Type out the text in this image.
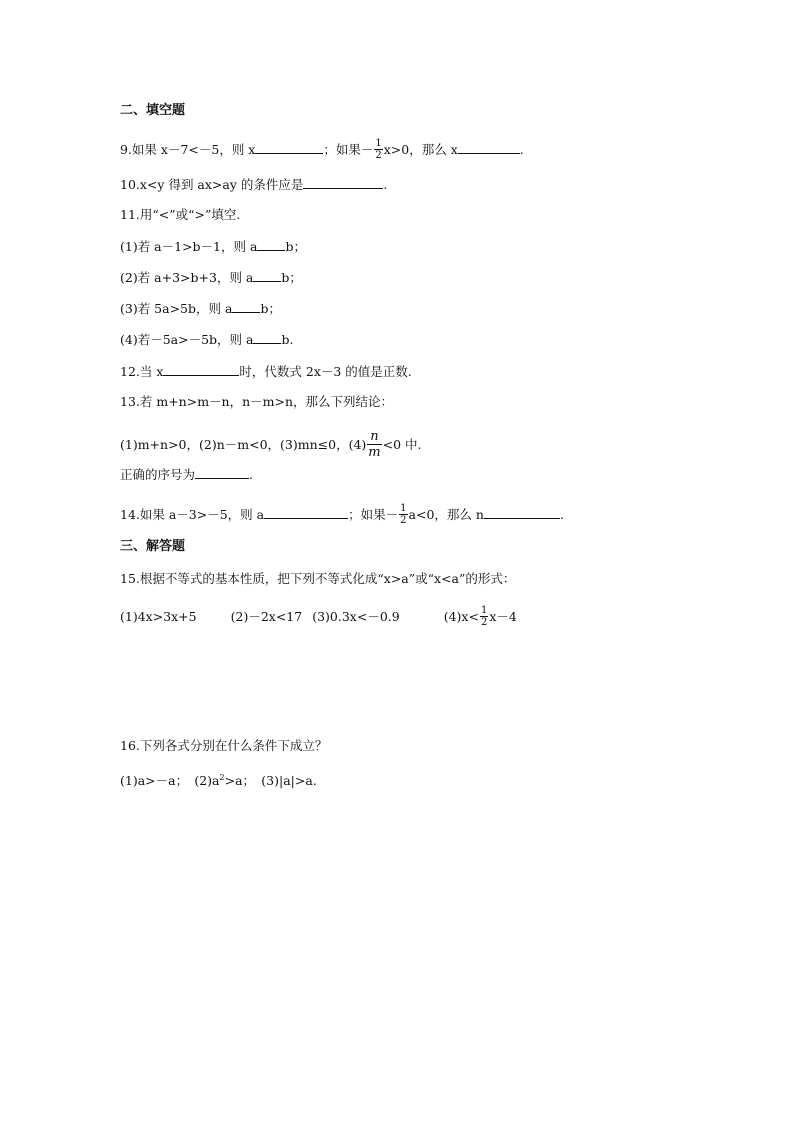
二、填空题
9.如果 x－7<－5，则 x	；如果－ $\frac{1}{2} x>0$，那么 x	.
10.x<y 得到 ax>ay 的条件应是	.
11.用“<”或“>”填空.
(1)若 a－1>b－1，则 a b；
(2)若 a+3>b+3，则 a b；
(3)若 5a>5b，则 a b；
(4)若－5a>－5b，则 a b.
12.当 x	时，代数式 2x－3 的值是正数.
13.若 m+n>m－n，n－m>n，那么下列结论：
(1)m+n>0，(2)n－m<0，(3)mn≤0，$(4) \frac{n}{m} <0$ 中.
正确的序号为	.
14.如果 a－3>－5，则 a	；如果－ $\frac{1}{2} a<0$，那么 n	.
三、解答题
15.根据不等式的基本性质，把下列不等式化成“x>a”或“x<a”的形式：
(1)4x>3x+5	(2)－2x<17 (3)0.3x<－0.9	$(4)x< \frac{1}{2} x-4$
16.下列各式分别在什么条件下成立？
(1)a>－a；　$(2)a^2>a$；　(3)|a|>a.
